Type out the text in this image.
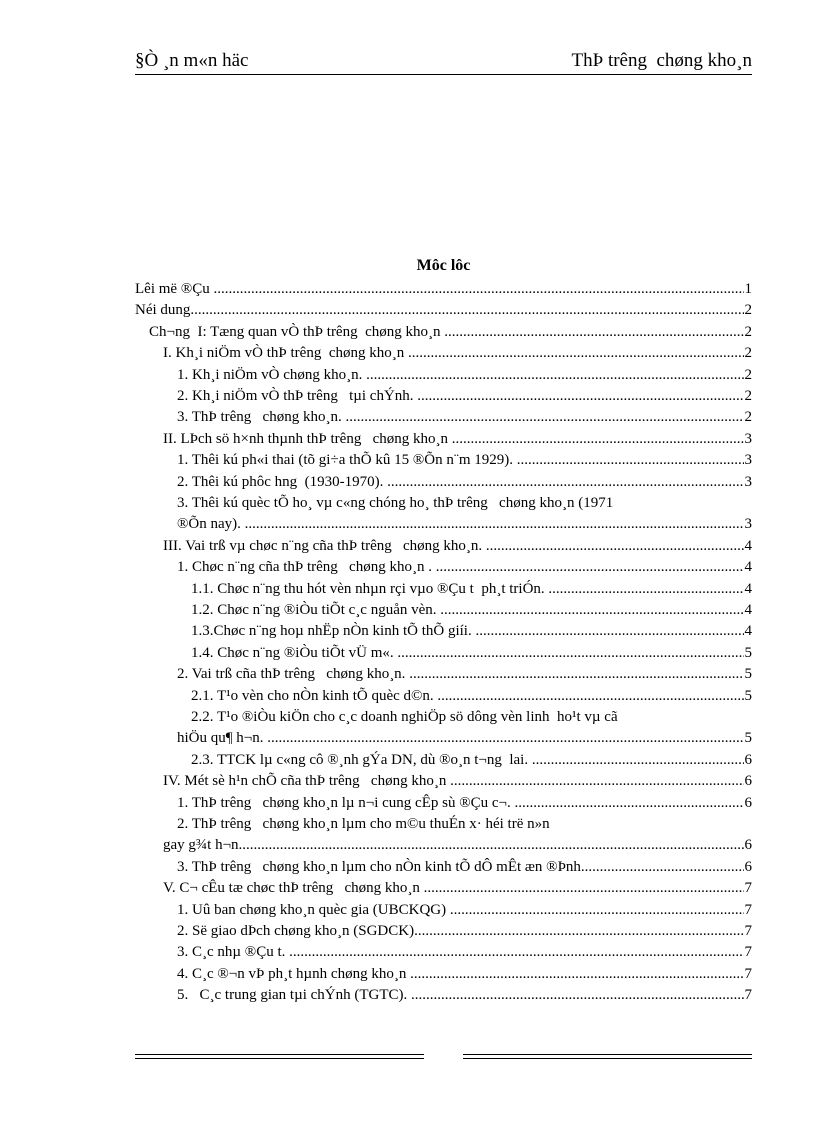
§Ò ¸n m«n häc	ThÞ trêng  chøng kho¸n
Môc lôc
Lêi më ®Çu .....	1
Néi dung .....	2
Ch¬ng  I: Tæng quan vÒ thÞ trêng  chøng kho¸n .....	2
I. Kh¸i niÖm vÒ thÞ trêng  chøng kho¸n .....	2
1. Kh¸i niÖm vÒ chøng kho¸n. .....	2
2. Kh¸i niÖm vÒ thÞ trêng   tµi chÝnh. .....	2
3. ThÞ trêng   chøng kho¸n. .....	2
II. LÞch sö h×nh thµnh thÞ trêng   chøng kho¸n .....	3
1. Thêi kú ph«i thai (tõ gi÷a thÕ kû 15 ®Õn n¨m 1929). .....	3
2. Thêi kú phôc hng  (1930-1970). .....	3
3. Thêi kú quèc tÕ ho¸ vµ c«ng chóng ho¸ thÞ trêng   chøng kho¸n (1971
®Õn nay). .....	3
III. Vai trß vµ chøc n¨ng cña thÞ trêng   chøng kho¸n. .....	4
1. Chøc n¨ng cña thÞ trêng   chøng kho¸n . .....	4
1.1. Chøc n¨ng thu hót vèn nhµn rçi vµo ®Çu t  ph¸t triÓn. .....	4
1.2. Chøc n¨ng ®iÒu tiÕt c¸c nguån vèn. .....	4
1.3.Chøc n¨ng hoµ nhËp nÒn kinh tÕ thÕ giíi. .....	4
1.4. Chøc n¨ng ®iÒu tiÕt vÜ m«. .....	5
2. Vai trß cña thÞ trêng   chøng kho¸n. .....	5
2.1. T¹o vèn cho nÒn kinh tÕ quèc d©n. .....	5
2.2. T¹o ®iÒu kiÖn cho c¸c doanh nghiÖp sö dông vèn linh  ho¹t vµ cã
hiÖu qu¶ h¬n. .....	5
2.3. TTCK lµ c«ng cô ®¸nh gÝa DN, dù ®o¸n t¬ng  lai. .....	6
IV. Mét sè h¹n chÕ cña thÞ trêng   chøng kho¸n .....	6
1. ThÞ trêng   chøng kho¸n lµ n¬i cung cÊp sù ®Çu c¬. .....	6
2. ThÞ trêng   chøng kho¸n lµm cho m©u thuÉn x· héi trë n»n
gay g¾t h¬n. .....	6
3. ThÞ trêng   chøng kho¸n lµm cho nÒn kinh tÕ dÔ mÊt æn ®Þnh. .....	6
V. C¬ cÊu tæ chøc thÞ trêng   chøng kho¸n .....	7
1. Uû ban chøng kho¸n quèc gia (UBCKQG) .....	7
2. Së giao dÞch chøng kho¸n (SGDCK) .....	7
3. C¸c nhµ ®Çu t. .....	7
4. C¸c ®¬n vÞ ph¸t hµnh chøng kho¸n .....	7
5.   C¸c trung gian tµi chÝnh (TGTC). .....	7
